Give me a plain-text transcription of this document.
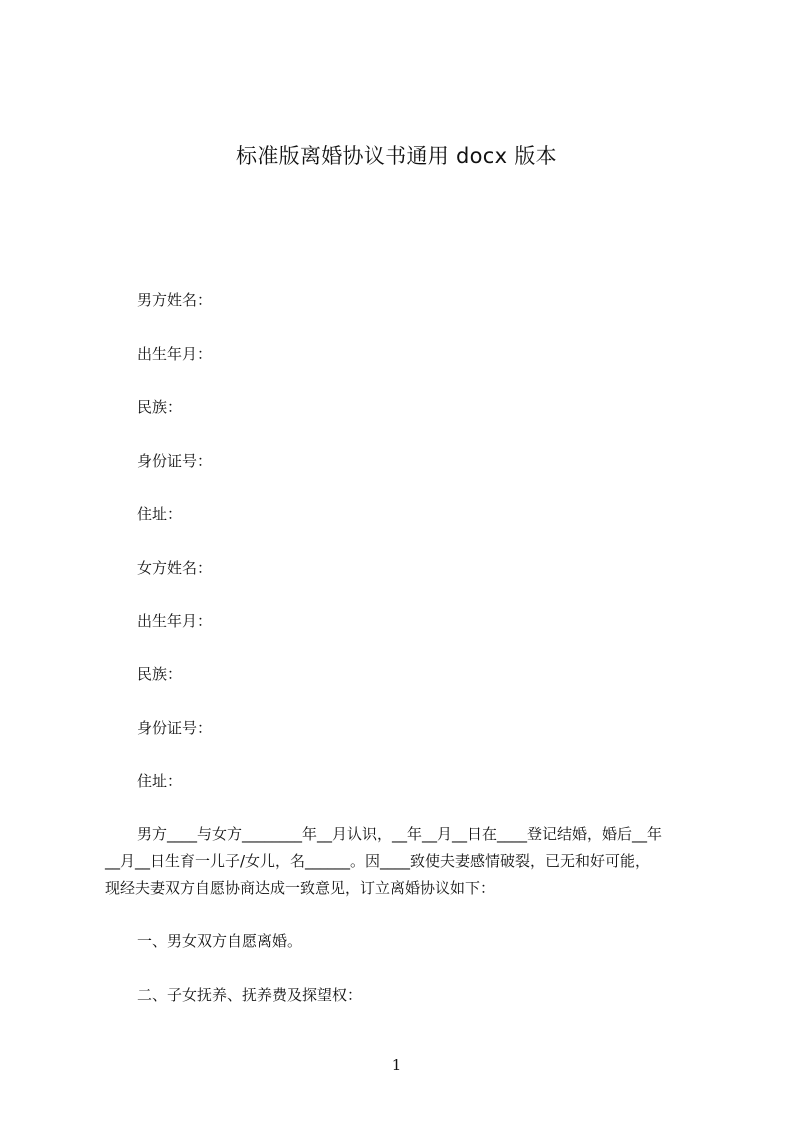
标准版离婚协议书通用 docx 版本

男方姓名：

出生年月：

民族：

身份证号：

住址：

女方姓名：

出生年月：

民族：

身份证号：

住址：

男方____与女方________年__月认识，__年__月__日在____登记结婚，婚后__年
__月__日生育一儿子/女儿，名______。因____致使夫妻感情破裂，已无和好可能，
现经夫妻双方自愿协商达成一致意见，订立离婚协议如下：

一、男女双方自愿离婚。

二、子女抚养、抚养费及探望权：

1
